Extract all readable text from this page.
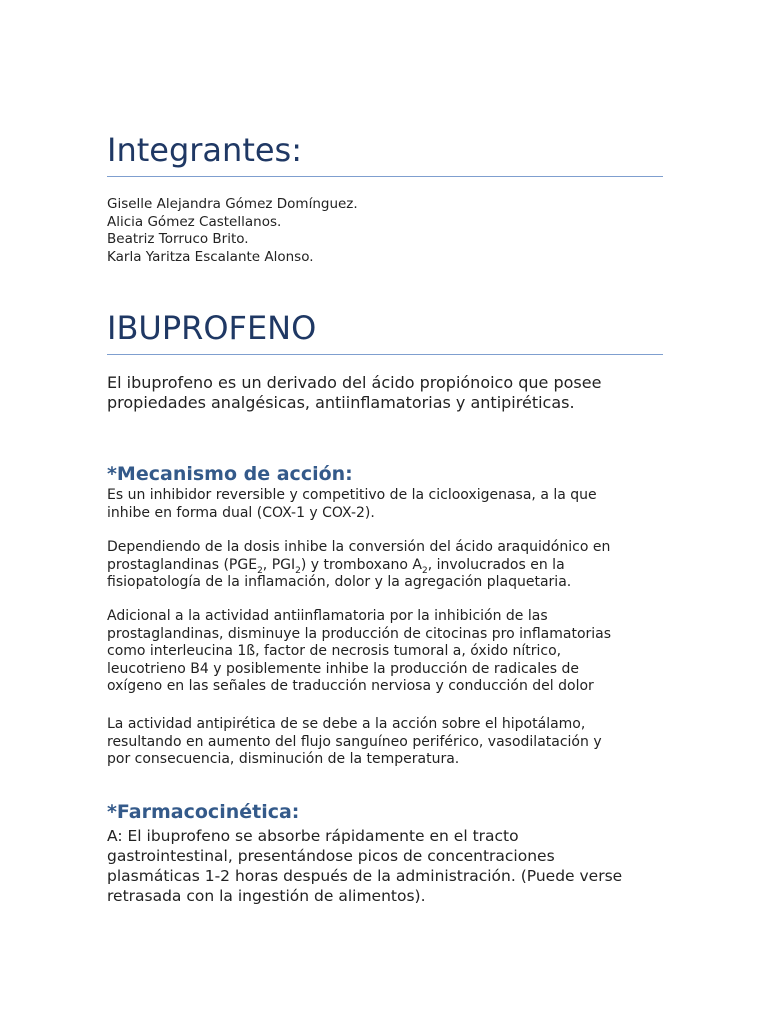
Integrantes:
Giselle Alejandra Gómez Domínguez.
Alicia Gómez Castellanos.
Beatriz Torruco Brito.
Karla Yaritza Escalante Alonso.
IBUPROFENO
El ibuprofeno es un derivado del ácido propiónoico que posee
propiedades analgésicas, antiinflamatorias y antipiréticas.
*Mecanismo de acción:

Es un inhibidor reversible y competitivo de la ciclooxigenasa, a la que
inhibe en forma dual (COX-1 y COX-2).

Dependiendo de la dosis inhibe la conversión del ácido araquidónico en
prostaglandinas ($PGE_2$, $PGI_2$) y tromboxano $A_2$, involucrados en la
fisiopatología de la inflamación, dolor y la agregación plaquetaria.

Adicional a la actividad antiinflamatoria por la inhibición de las
prostaglandinas, disminuye la producción de citocinas pro inflamatorias
como interleucina 1ß, factor de necrosis tumoral a, óxido nítrico,
leucotrieno B4 y posiblemente inhibe la producción de radicales de
oxígeno en las señales de traducción nerviosa y conducción del dolor

La actividad antipirética de se debe a la acción sobre el hipotálamo,
resultando en aumento del flujo sanguíneo periférico, vasodilatación y
por consecuencia, disminución de la temperatura.

*Farmacocinética:

A: El ibuprofeno se absorbe rápidamente en el tracto
gastrointestinal, presentándose picos de concentraciones
plasmáticas 1-2 horas después de la administración. (Puede verse
retrasada con la ingestión de alimentos).
